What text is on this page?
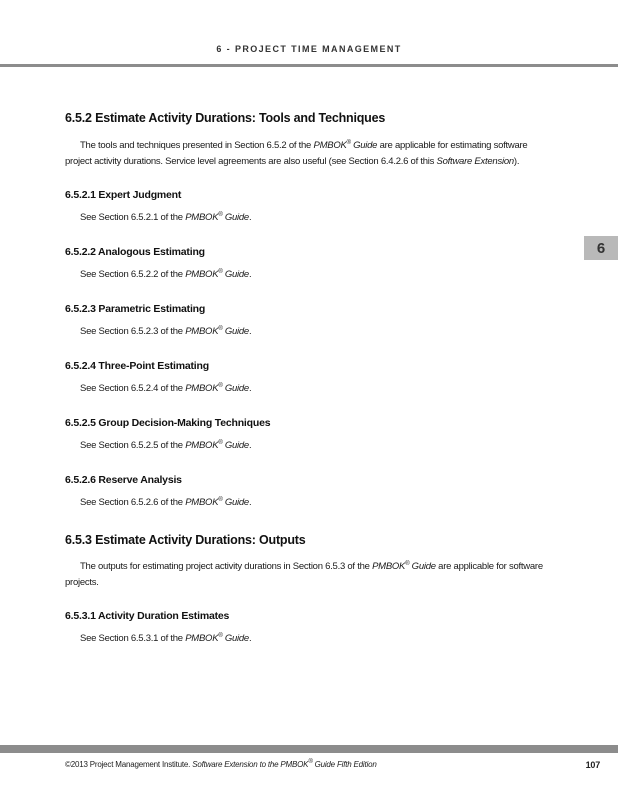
6 - PROJECT TIME MANAGEMENT
6
6.5.2 Estimate Activity Durations: Tools and Techniques

The tools and techniques presented in Section 6.5.2 of the PMBOK® Guide are applicable for estimating software project activity durations. Service level agreements are also useful (see Section 6.4.2.6 of this Software Extension).

6.5.2.1 Expert Judgment

See Section 6.5.2.1 of the PMBOK® Guide.

6.5.2.2 Analogous Estimating

See Section 6.5.2.2 of the PMBOK® Guide.

6.5.2.3 Parametric Estimating

See Section 6.5.2.3 of the PMBOK® Guide.

6.5.2.4 Three-Point Estimating

See Section 6.5.2.4 of the PMBOK® Guide.

6.5.2.5 Group Decision-Making Techniques

See Section 6.5.2.5 of the PMBOK® Guide.

6.5.2.6 Reserve Analysis

See Section 6.5.2.6 of the PMBOK® Guide.

6.5.3 Estimate Activity Durations: Outputs

The outputs for estimating project activity durations in Section 6.5.3 of the PMBOK® Guide are applicable for software projects.

6.5.3.1 Activity Duration Estimates

See Section 6.5.3.1 of the PMBOK® Guide.

©2013 Project Management Institute. Software Extension to the PMBOK® Guide Fifth Edition	107
